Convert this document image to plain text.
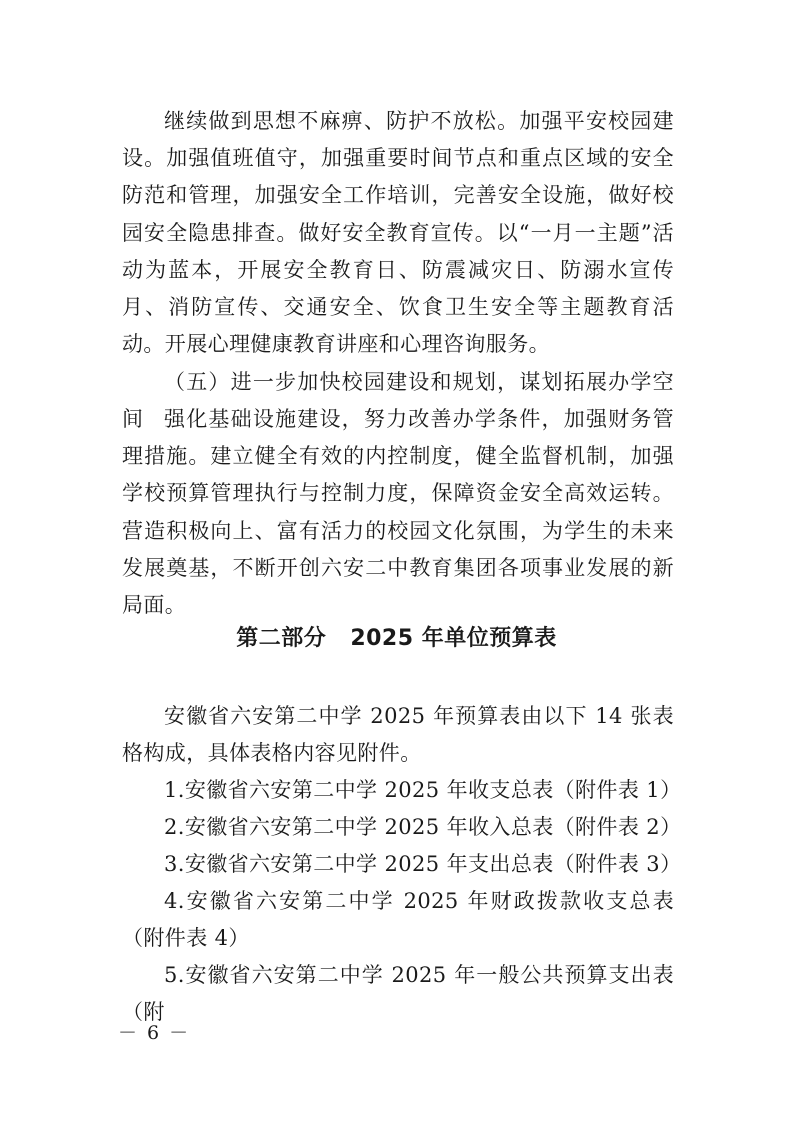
继续做到思想不麻痹、防护不放松。加强平安校园建设。加强值班值守，加强重要时间节点和重点区域的安全防范和管理，加强安全工作培训，完善安全设施，做好校园安全隐患排查。做好安全教育宣传。以“一月一主题”活动为蓝本，开展安全教育日、防震减灾日、防溺水宣传月、消防宣传、交通安全、饮食卫生安全等主题教育活动。开展心理健康教育讲座和心理咨询服务。

（五）进一步加快校园建设和规划，谋划拓展办学空间 强化基础设施建设，努力改善办学条件，加强财务管理措施。建立健全有效的内控制度，健全监督机制，加强学校预算管理执行与控制力度，保障资金安全高效运转。营造积极向上、富有活力的校园文化氛围，为学生的未来发展奠基，不断开创六安二中教育集团各项事业发展的新局面。

第二部分 2025 年单位预算表

安徽省六安第二中学 2025 年预算表由以下 14 张表格构成，具体表格内容见附件。

1.安徽省六安第二中学 2025 年收支总表（附件表 1）

2.安徽省六安第二中学 2025 年收入总表（附件表 2）

3.安徽省六安第二中学 2025 年支出总表（附件表 3）

4.安徽省六安第二中学 2025 年财政拨款收支总表（附件表 4）

5.安徽省六安第二中学 2025 年一般公共预算支出表（附

－ 6 －
